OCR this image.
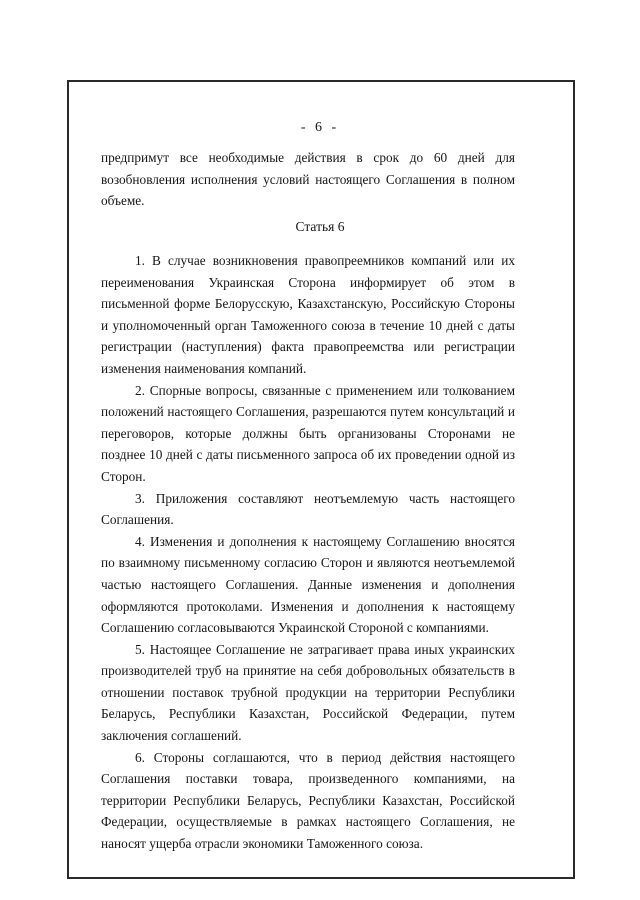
- 6 -

предпримут все необходимые действия в срок до 60 дней для возобновления исполнения условий настоящего Соглашения в полном объеме.

Статья 6

1. В случае возникновения правопреемников компаний или их переименования Украинская Сторона информирует об этом в письменной форме Белорусскую, Казахстанскую, Российскую Стороны и уполномоченный орган Таможенного союза в течение 10 дней с даты регистрации (наступления) факта правопреемства или регистрации изменения наименования компаний.

2. Спорные вопросы, связанные с применением или толкованием положений настоящего Соглашения, разрешаются путем консультаций и переговоров, которые должны быть организованы Сторонами не позднее 10 дней с даты письменного запроса об их проведении одной из Сторон.

3. Приложения составляют неотъемлемую часть настоящего Соглашения.

4. Изменения и дополнения к настоящему Соглашению вносятся по взаимному письменному согласию Сторон и являются неотъемлемой частью настоящего Соглашения. Данные изменения и дополнения оформляются протоколами. Изменения и дополнения к настоящему Соглашению согласовываются Украинской Стороной с компаниями.

5. Настоящее Соглашение не затрагивает права иных украинских производителей труб на принятие на себя добровольных обязательств в отношении поставок трубной продукции на территории Республики Беларусь, Республики Казахстан, Российской Федерации, путем заключения соглашений.

6. Стороны соглашаются, что в период действия настоящего Соглашения поставки товара, произведенного компаниями, на территории Республики Беларусь, Республики Казахстан, Российской Федерации, осуществляемые в рамках настоящего Соглашения, не наносят ущерба отрасли экономики Таможенного союза.
